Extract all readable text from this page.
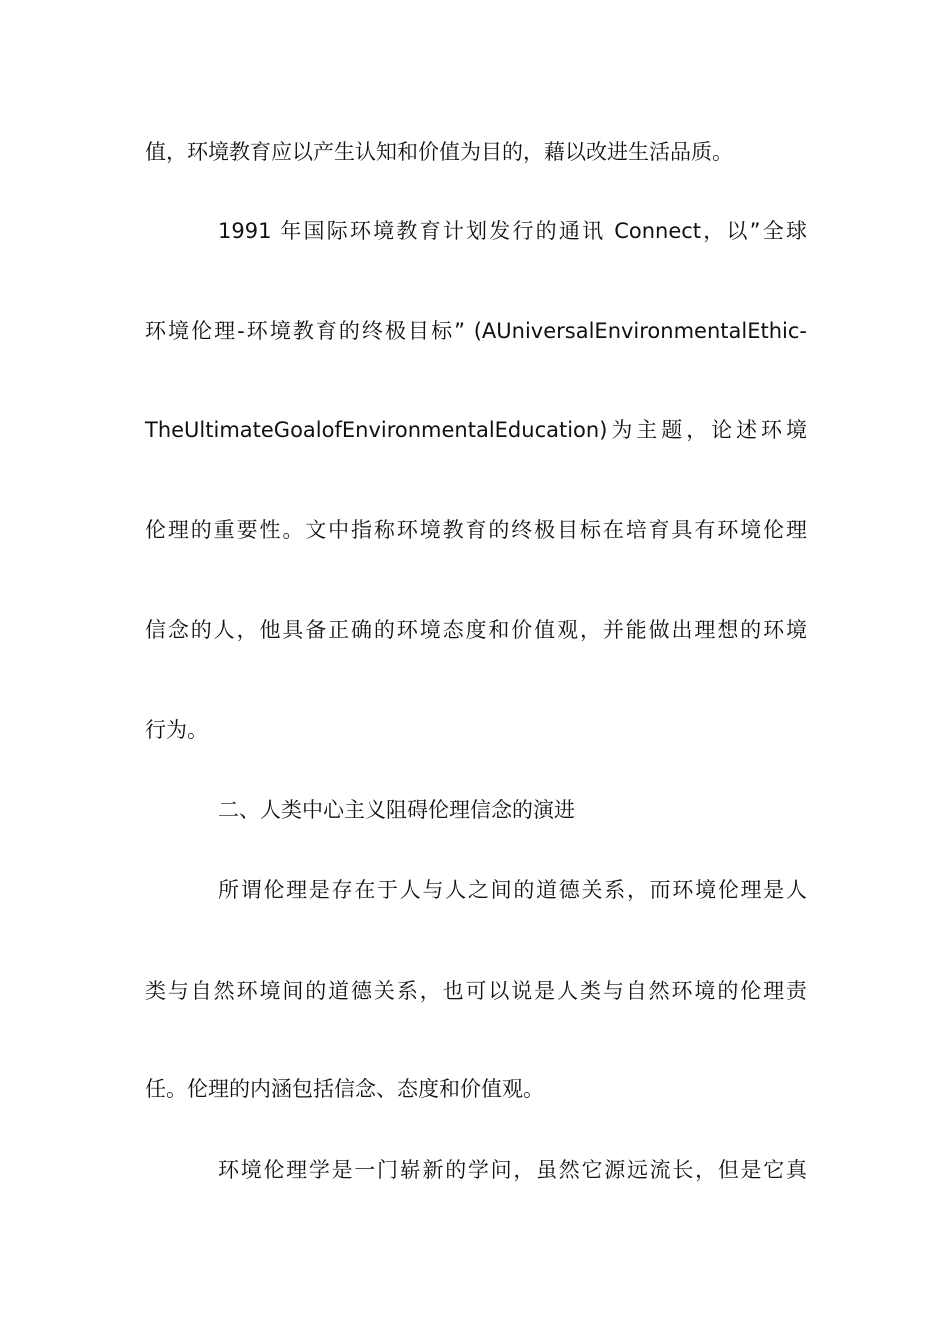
值，环境教育应以产生认知和价值为目的，藉以改进生活品质。
1991 年国际环境教育计划发行的通讯 Connect，以”全球
环境伦理-环境教育的终极目标” (AUniversalEnvironmentalEthic-
TheUltimateGoalofEnvironmentalEducation)为主题，论述环境
伦理的重要性。文中指称环境教育的终极目标在培育具有环境伦理
信念的人，他具备正确的环境态度和价值观，并能做出理想的环境
行为。
二、人类中心主义阻碍伦理信念的演进
所谓伦理是存在于人与人之间的道德关系，而环境伦理是人
类与自然环境间的道德关系，也可以说是人类与自然环境的伦理责
任。伦理的内涵包括信念、态度和价值观。
环境伦理学是一门崭新的学问，虽然它源远流长，但是它真
